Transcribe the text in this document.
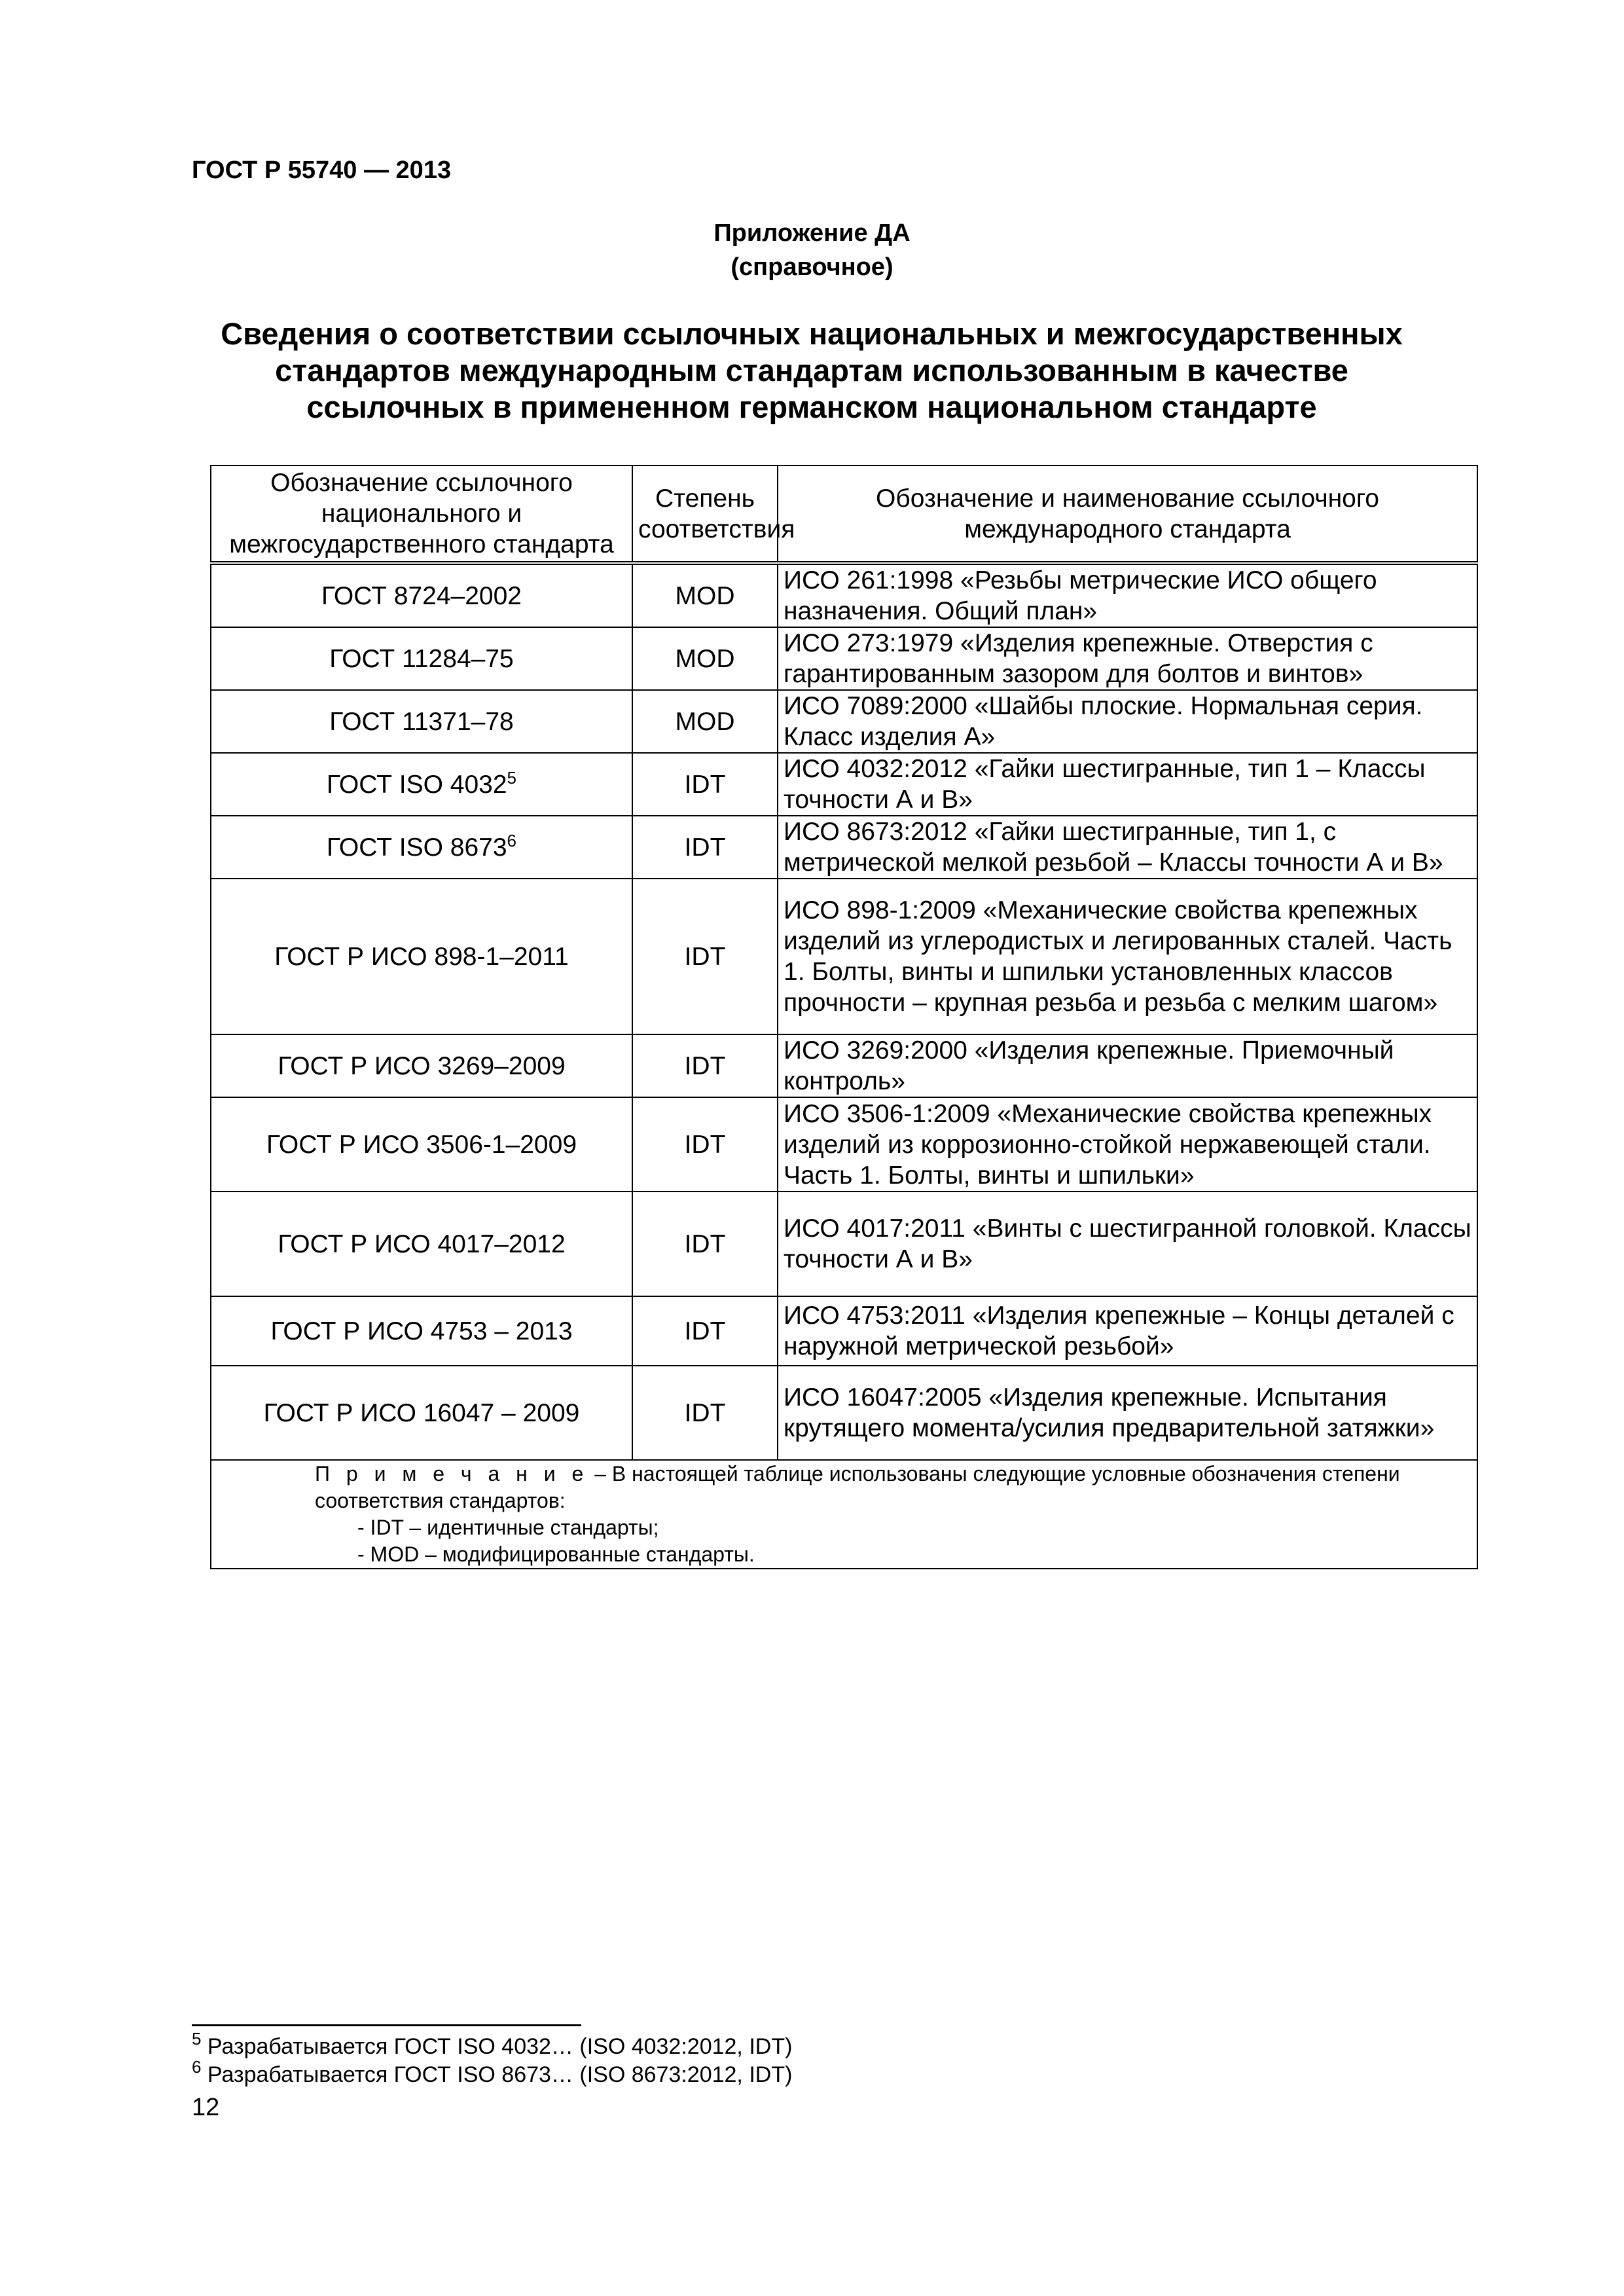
ГОСТ Р 55740 — 2013
Приложение ДА
(справочное)
Сведения о соответствии ссылочных национальных и межгосударственных стандартов международным стандартам использованным в качестве ссылочных в примененном германском национальном стандарте
Обозначение ссылочного национального и межгосударственного стандарта	Степень соответствия	Обозначение и наименование ссылочного международного стандарта
ГОСТ 8724–2002	MOD	ИСО 261:1998 «Резьбы метрические ИСО общего назначения. Общий план»
ГОСТ 11284–75	MOD	ИСО 273:1979 «Изделия крепежные. Отверстия с гарантированным зазором для болтов и винтов»
ГОСТ 11371–78	MOD	ИСО 7089:2000 «Шайбы плоские. Нормальная серия. Класс изделия А»
ГОСТ ISO 4032$^5$	IDT	ИСО 4032:2012 «Гайки шестигранные, тип 1 – Классы точности А и В»
ГОСТ ISO 8673$^6$	IDT	ИСО 8673:2012 «Гайки шестигранные, тип 1, с метрической мелкой резьбой – Классы точности А и В»
ГОСТ Р ИСО 898-1–2011	IDT	ИСО 898-1:2009 «Механические свойства крепежных изделий из углеродистых и легированных сталей. Часть 1. Болты, винты и шпильки установленных классов прочности – крупная резьба и резьба с мелким шагом»
ГОСТ Р ИСО 3269–2009	IDT	ИСО 3269:2000 «Изделия крепежные. Приемочный контроль»
ГОСТ Р ИСО 3506-1–2009	IDT	ИСО 3506-1:2009 «Механические свойства крепежных изделий из коррозионно-стойкой нержавеющей стали. Часть 1. Болты, винты и шпильки»
ГОСТ Р ИСО 4017–2012	IDT	ИСО 4017:2011 «Винты с шестигранной головкой. Классы точности А и В»
ГОСТ Р ИСО 4753 – 2013	IDT	ИСО 4753:2011 «Изделия крепежные – Концы деталей с наружной метрической резьбой»
ГОСТ Р ИСО 16047 – 2009	IDT	ИСО 16047:2005 «Изделия крепежные. Испытания крутящего момента/усилия предварительной затяжки»

П р и м е ч а н и е – В настоящей таблице использованы следующие условные обозначения степени соответствия стандартов:
- IDT – идентичные стандарты;
- MOD – модифицированные стандарты.		
$^5$ Разрабатывается ГОСТ ISO 4032… (ISO 4032:2012, IDT)
$^6$ Разрабатывается ГОСТ ISO 8673… (ISO 8673:2012, IDT)
12
